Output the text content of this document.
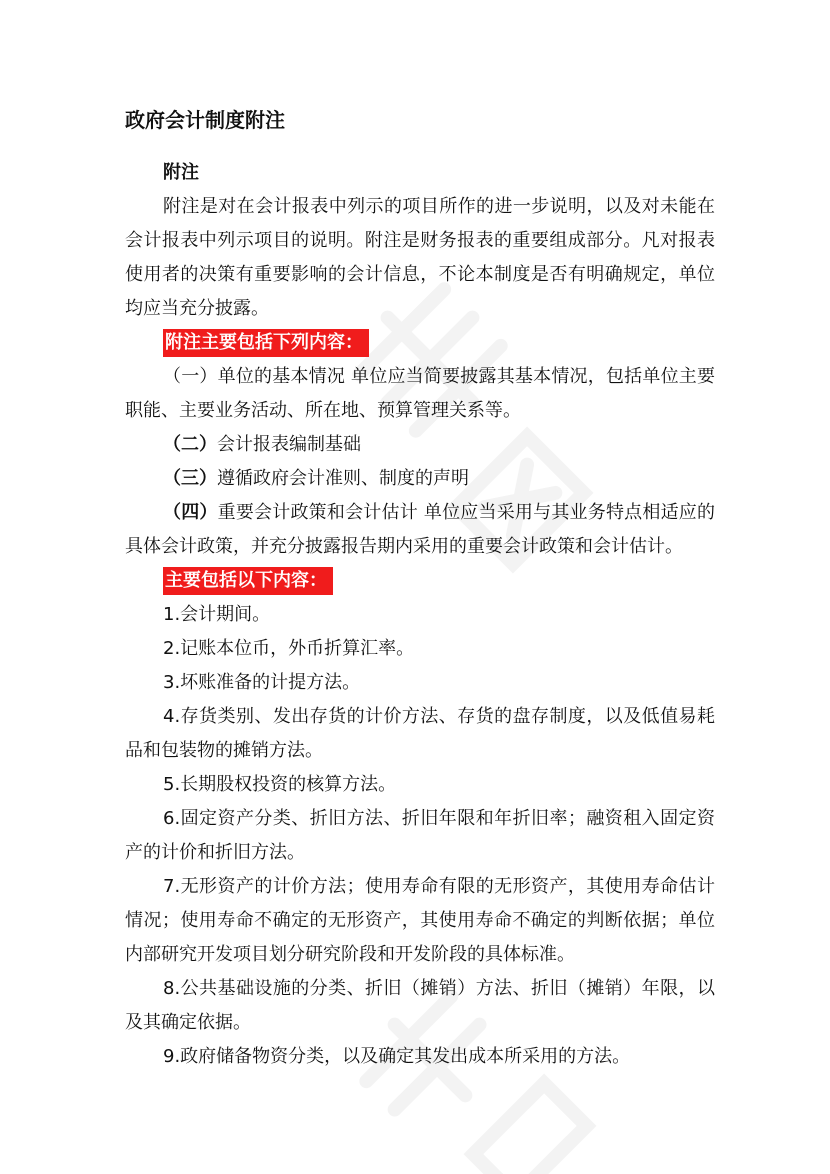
政府会计制度附注

附注

附注是对在会计报表中列示的项目所作的进一步说明，以及对未能在会计报表中列示项目的说明。附注是财务报表的重要组成部分。凡对报表使用者的决策有重要影响的会计信息，不论本制度是否有明确规定，单位均应当充分披露。

附注主要包括下列内容：

（一）单位的基本情况 单位应当简要披露其基本情况，包括单位主要职能、主要业务活动、所在地、预算管理关系等。

（二）会计报表编制基础

（三）遵循政府会计准则、制度的声明

（四）重要会计政策和会计估计 单位应当采用与其业务特点相适应的具体会计政策，并充分披露报告期内采用的重要会计政策和会计估计。

主要包括以下内容：

1.会计期间。

2.记账本位币，外币折算汇率。

3.坏账准备的计提方法。

4.存货类别、发出存货的计价方法、存货的盘存制度，以及低值易耗品和包装物的摊销方法。

5.长期股权投资的核算方法。

6.固定资产分类、折旧方法、折旧年限和年折旧率；融资租入固定资产的计价和折旧方法。

7.无形资产的计价方法；使用寿命有限的无形资产，其使用寿命估计情况；使用寿命不确定的无形资产，其使用寿命不确定的判断依据；单位内部研究开发项目划分研究阶段和开发阶段的具体标准。

8.公共基础设施的分类、折旧（摊销）方法、折旧（摊销）年限，以及其确定依据。

9.政府储备物资分类，以及确定其发出成本所采用的方法。
